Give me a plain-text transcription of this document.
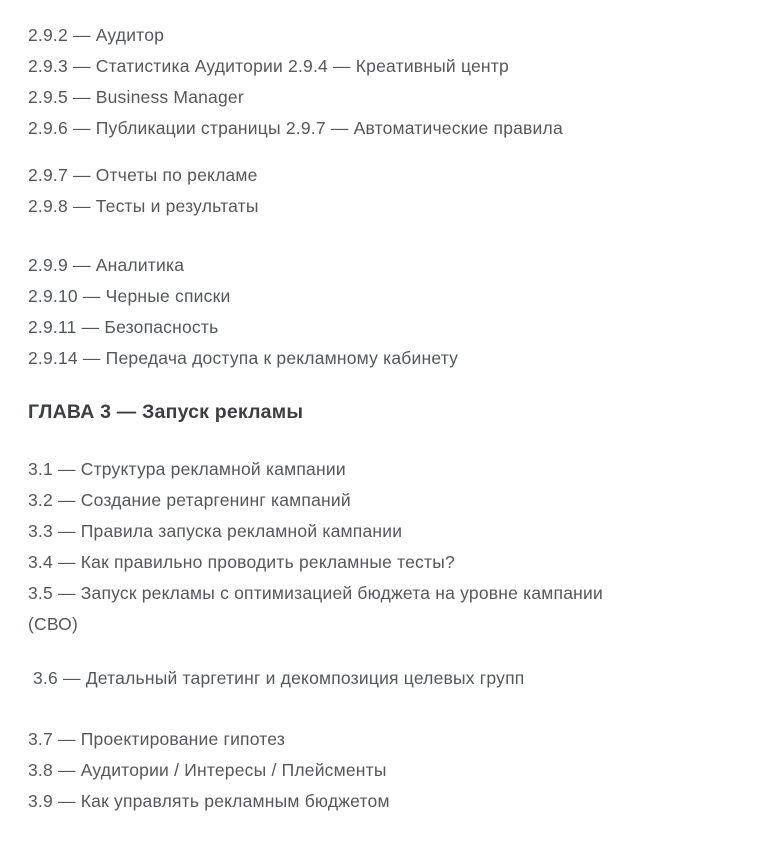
2.9.2 — Аудитор

2.9.3 — Статистика Аудитории 2.9.4 — Креативный центр

2.9.5 — Business Manager

2.9.6 — Публикации страницы 2.9.7 — Автоматические правила

2.9.7 — Отчеты по рекламе

2.9.8 — Тесты и результаты

2.9.9 — Аналитика

2.9.10 — Черные списки

2.9.11 — Безопасность

2.9.14 — Передача доступа к рекламному кабинету

ГЛАВА 3 — Запуск рекламы

3.1 — Структура рекламной кампании

3.2 — Создание ретаргенинг кампаний

3.3 — Правила запуска рекламной кампании

3.4 — Как правильно проводить рекламные тесты?

3.5 — Запуск рекламы с оптимизацией бюджета на уровне кампании

(СВО)

3.6 — Детальный таргетинг и декомпозиция целевых групп

3.7 — Проектирование гипотез

3.8 — Аудитории / Интересы / Плейсменты

3.9 — Как управлять рекламным бюджетом
